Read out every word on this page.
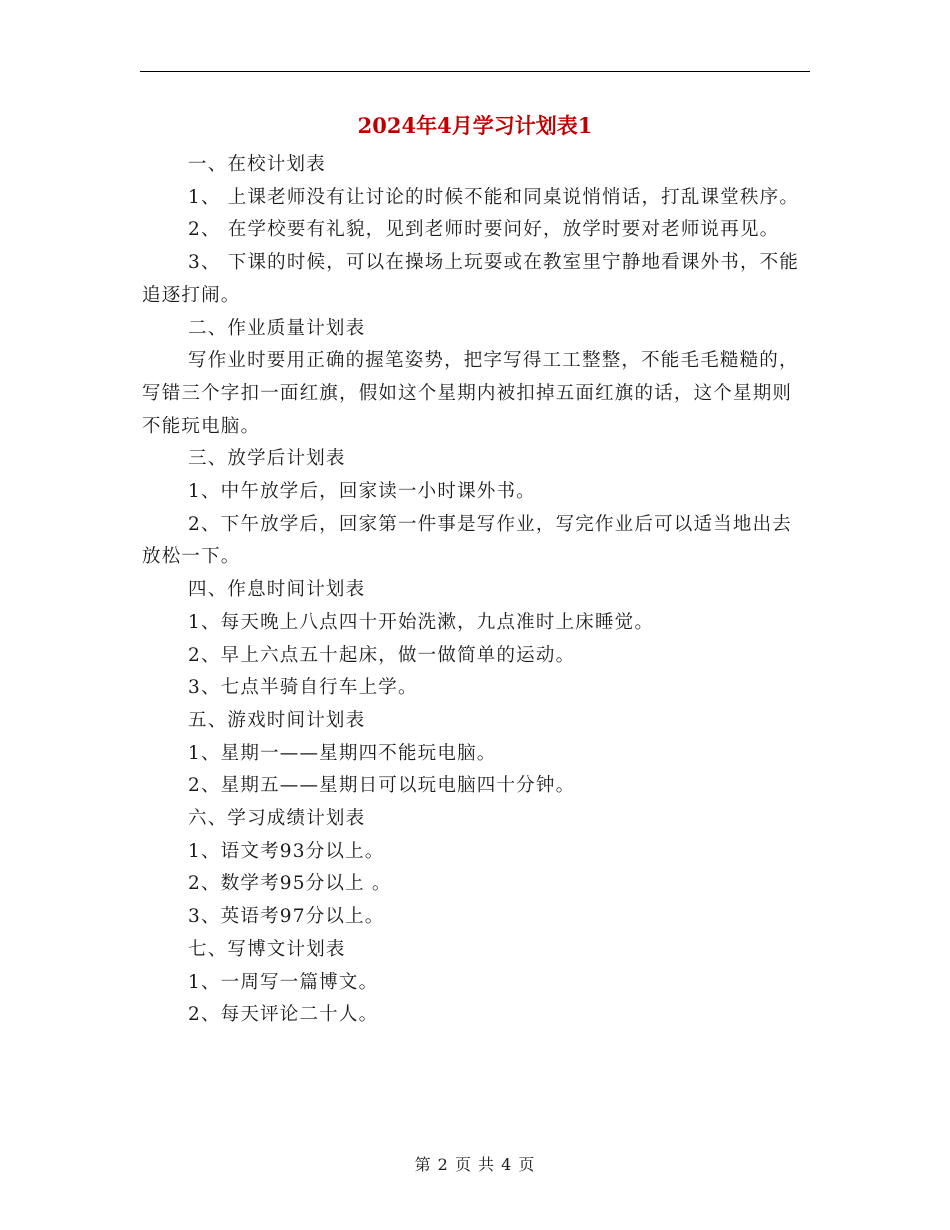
2024年4月学习计划表1

一、在校计划表

1、 上课老师没有让讨论的时候不能和同桌说悄悄话，打乱课堂秩序。

2、 在学校要有礼貌，见到老师时要问好，放学时要对老师说再见。

3、 下课的时候，可以在操场上玩耍或在教室里宁静地看课外书，不能追逐打闹。

二、作业质量计划表

写作业时要用正确的握笔姿势，把字写得工工整整，不能毛毛糙糙的，写错三个字扣一面红旗，假如这个星期内被扣掉五面红旗的话，这个星期则不能玩电脑。

三、放学后计划表

1、中午放学后，回家读一小时课外书。

2、下午放学后，回家第一件事是写作业，写完作业后可以适当地出去放松一下。

四、作息时间计划表

1、每天晚上八点四十开始洗漱，九点准时上床睡觉。

2、早上六点五十起床，做一做简单的运动。

3、七点半骑自行车上学。

五、游戏时间计划表

1、星期一——星期四不能玩电脑。

2、星期五——星期日可以玩电脑四十分钟。

六、学习成绩计划表

1、语文考93分以上。

2、数学考95分以上 。

3、英语考97分以上。

七、写博文计划表

1、一周写一篇博文。

2、每天评论二十人。

第 2 页 共 4 页
